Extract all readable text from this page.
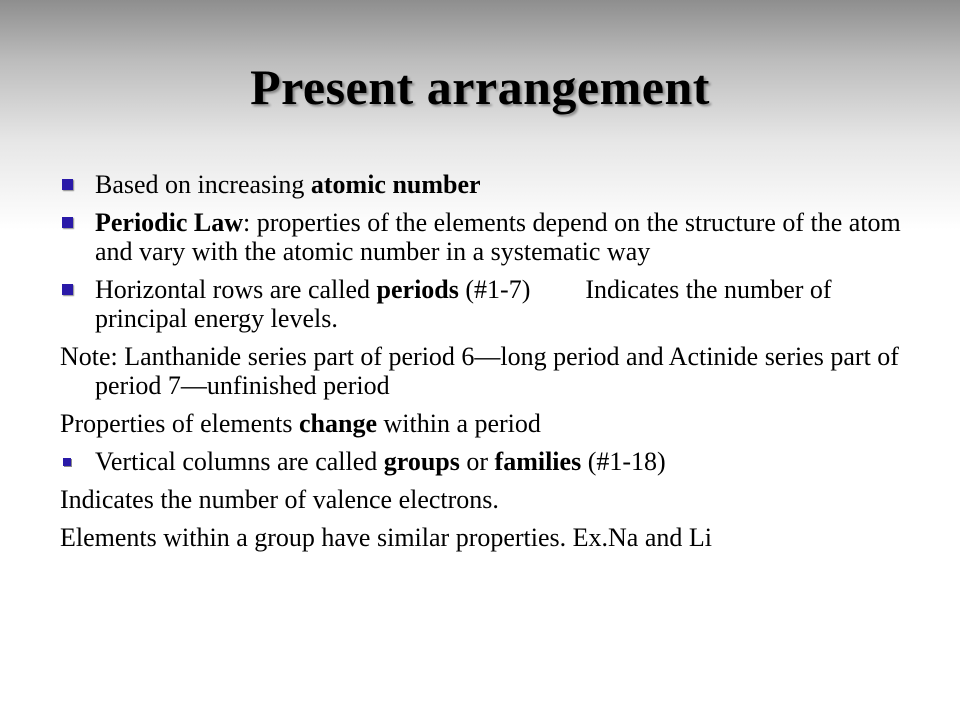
Present arrangement
Based on increasing atomic number
Periodic Law: properties of the elements depend on the structure of the atom and vary with the atomic number in a systematic way
Horizontal rows are called periods (#1-7) Indicates the number of principal energy levels.
Note: Lanthanide series part of period 6—long period and Actinide series part of period 7—unfinished period
Properties of elements change within a period
Vertical columns are called groups or families (#1-18)
Indicates the number of valence electrons.
Elements within a group have similar properties. Ex.Na and Li
